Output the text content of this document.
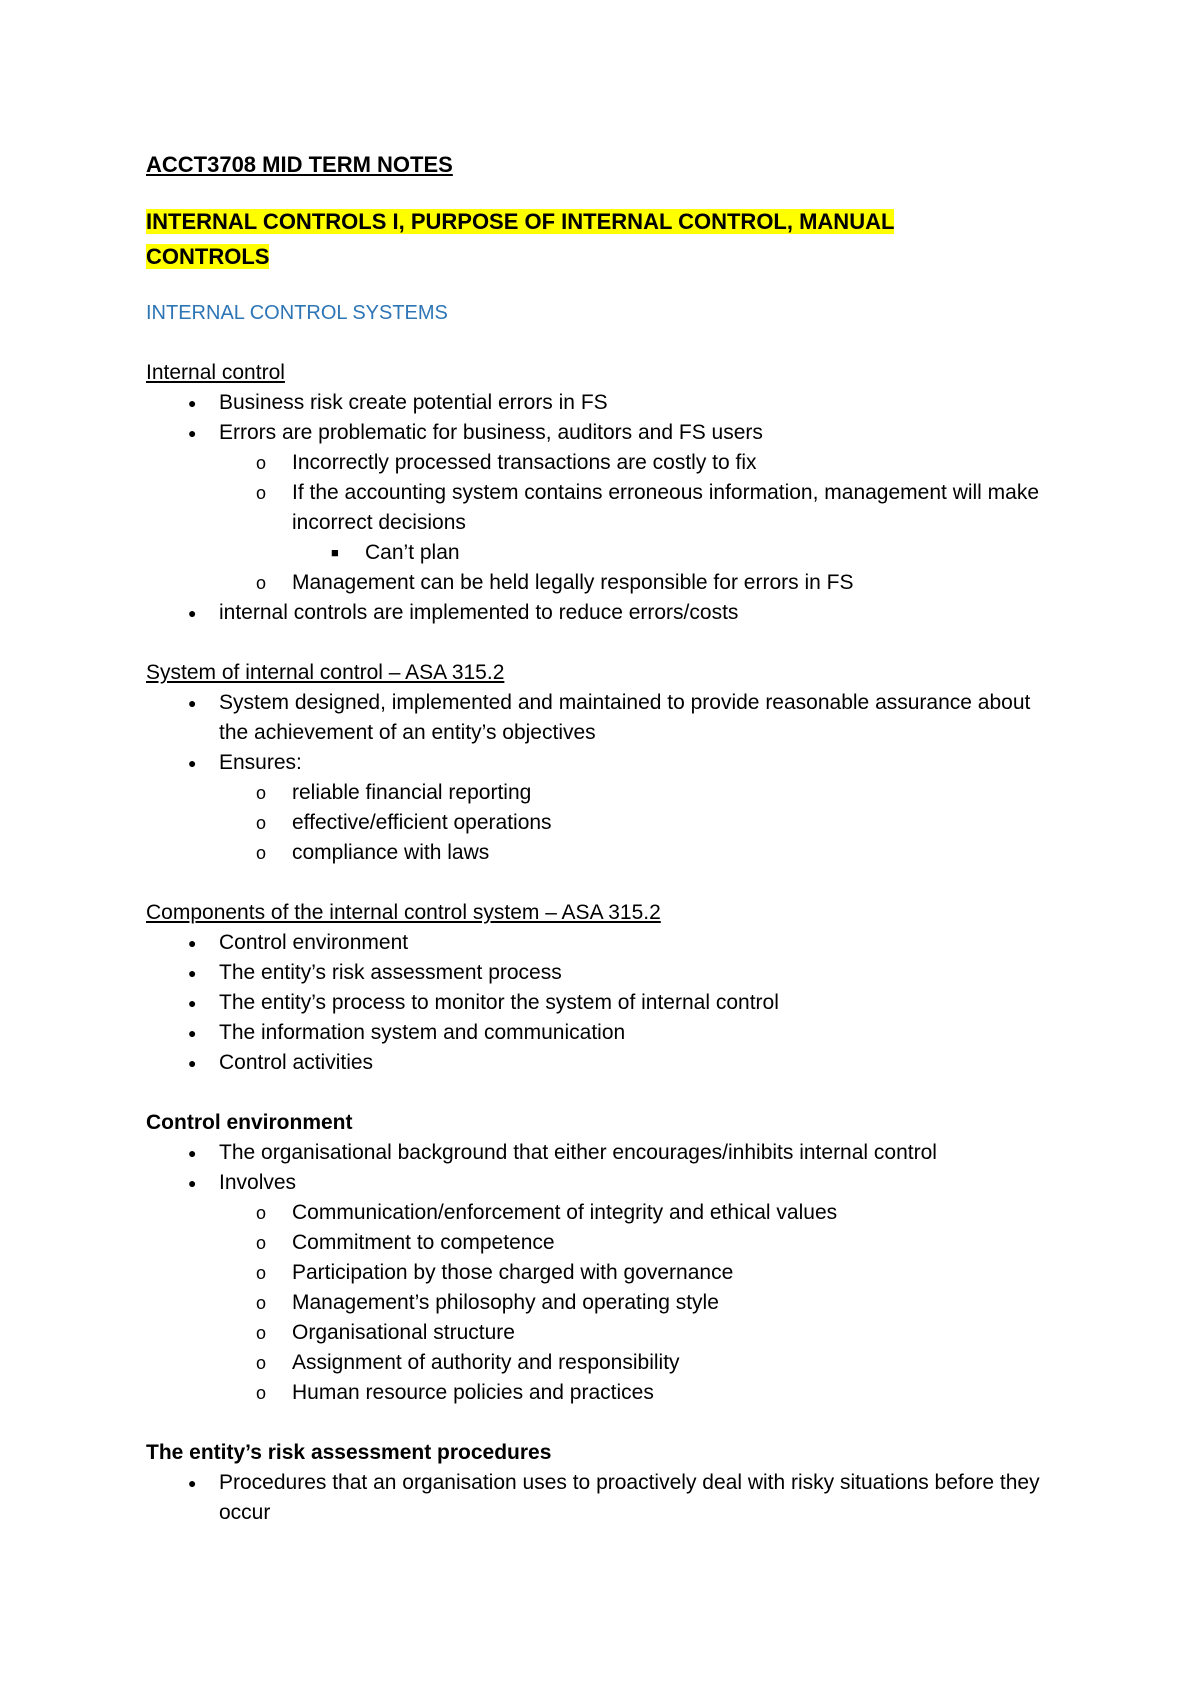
ACCT3708 MID TERM NOTES
INTERNAL CONTROLS I, PURPOSE OF INTERNAL CONTROL, MANUAL CONTROLS
INTERNAL CONTROL SYSTEMS
Internal control
● Business risk create potential errors in FS
● Errors are problematic for business, auditors and FS users
o Incorrectly processed transactions are costly to fix
o If the accounting system contains erroneous information, management will make incorrect decisions
■ Can’t plan
o Management can be held legally responsible for errors in FS
● internal controls are implemented to reduce errors/costs
System of internal control – ASA 315.2
● System designed, implemented and maintained to provide reasonable assurance about the achievement of an entity’s objectives
● Ensures:
o reliable financial reporting
o effective/efficient operations
o compliance with laws
Components of the internal control system – ASA 315.2
● Control environment
● The entity’s risk assessment process
● The entity’s process to monitor the system of internal control
● The information system and communication
● Control activities
Control environment
● The organisational background that either encourages/inhibits internal control
● Involves
o Communication/enforcement of integrity and ethical values
o Commitment to competence
o Participation by those charged with governance
o Management’s philosophy and operating style
o Organisational structure
o Assignment of authority and responsibility
o Human resource policies and practices
The entity’s risk assessment procedures
● Procedures that an organisation uses to proactively deal with risky situations before they occur
